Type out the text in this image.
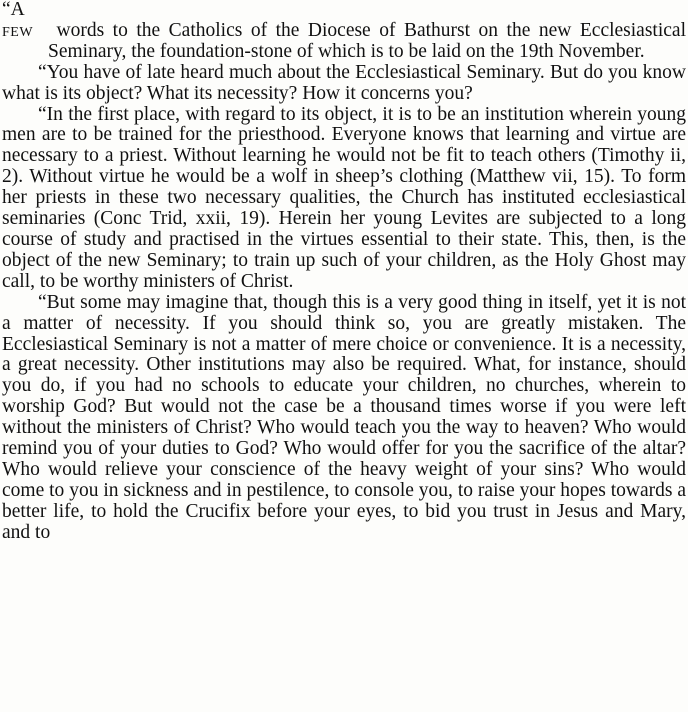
“A few words to the Catholics of the Diocese of Bathurst on the new Ecclesiastical Seminary, the foundation-stone of which is to be laid on the 19th November.

“You have of late heard much about the Ecclesiastical Seminary. But do you know what is its object? What its necessity? How it concerns you?

“In the first place, with regard to its object, it is to be an institution wherein young men are to be trained for the priesthood. Everyone knows that learning and virtue are necessary to a priest. Without learning he would not be fit to teach others (Timothy ii, 2). Without virtue he would be a wolf in sheep’s clothing (Matthew vii, 15). To form her priests in these two necessary qualities, the Church has instituted ecclesiastical seminaries (Conc Trid, xxii, 19). Herein her young Levites are subjected to a long course of study and practised in the virtues essential to their state. This, then, is the object of the new Seminary; to train up such of your children, as the Holy Ghost may call, to be worthy ministers of Christ.

“But some may imagine that, though this is a very good thing in itself, yet it is not a matter of necessity. If you should think so, you are greatly mistaken. The Ecclesiastical Seminary is not a matter of mere choice or convenience. It is a necessity, a great necessity. Other institutions may also be required. What, for instance, should you do, if you had no schools to educate your children, no churches, wherein to worship God? But would not the case be a thousand times worse if you were left without the ministers of Christ? Who would teach you the way to heaven? Who would remind you of your duties to God? Who would offer for you the sacrifice of the altar? Who would relieve your conscience of the heavy weight of your sins? Who would come to you in sickness and in pestilence, to console you, to raise your hopes towards a better life, to hold the Crucifix before your eyes, to bid you trust in Jesus and Mary, and to
